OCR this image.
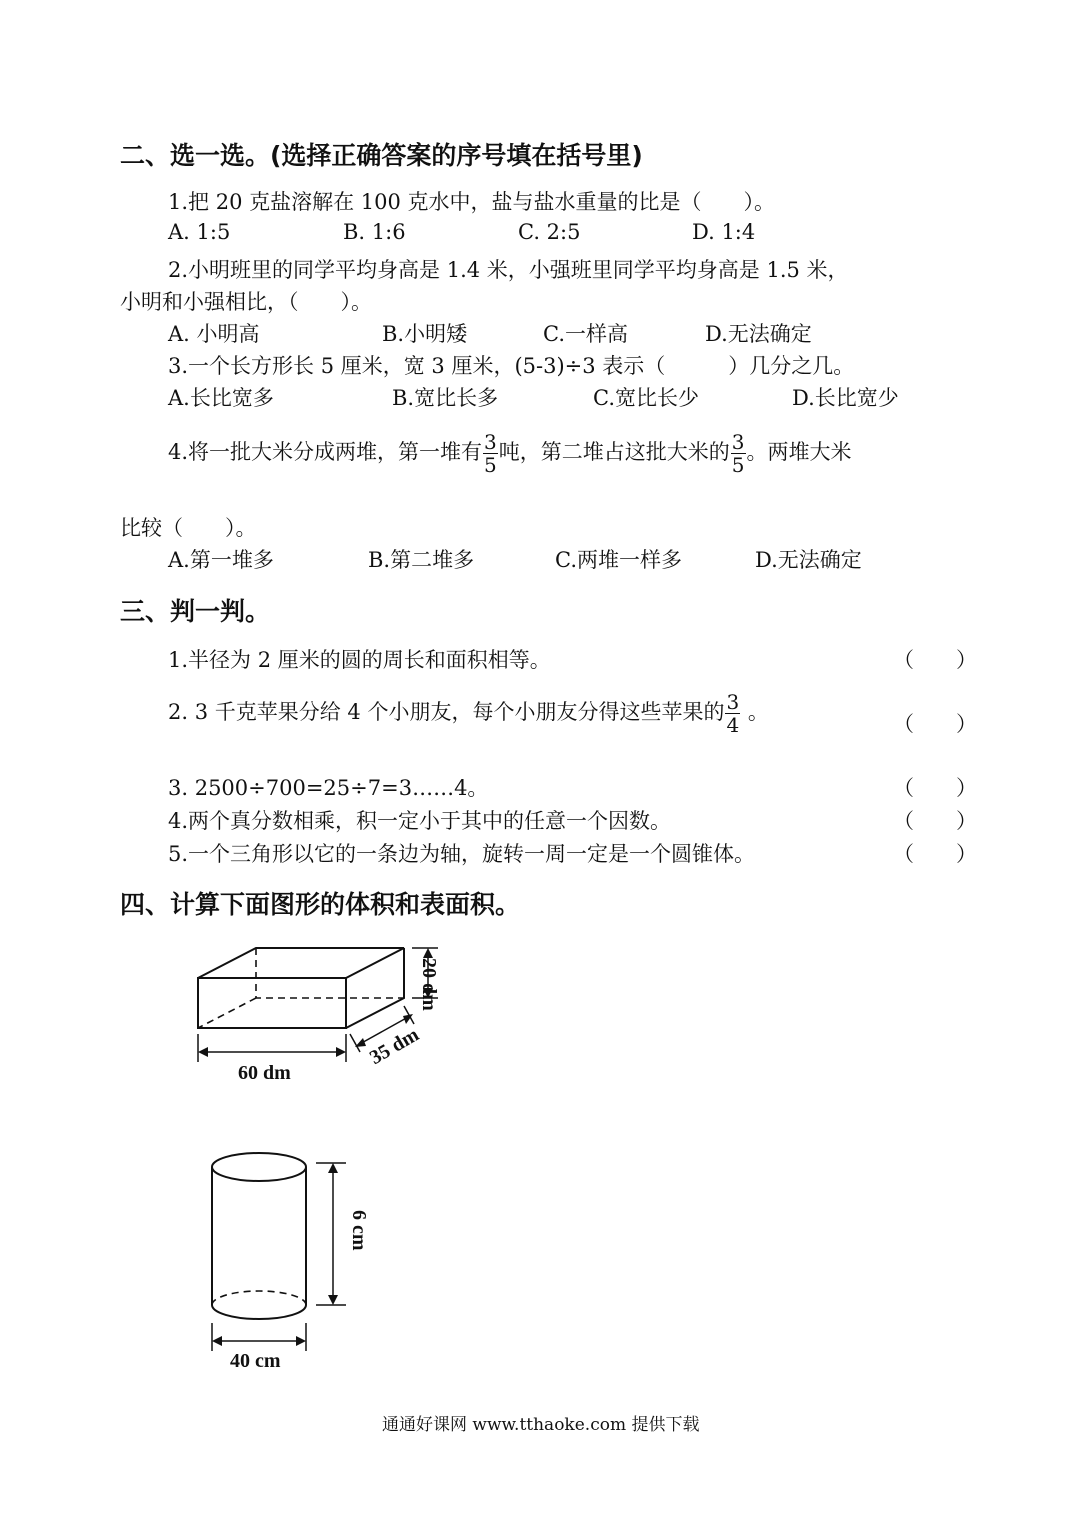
二、选一选。(选择正确答案的序号填在括号里)
1.把 20 克盐溶解在 100 克水中，盐与盐水重量的比是（　　）。
A. 1:5	B. 1:6	C. 2:5	D. 1:4
2.小明班里的同学平均身高是 1.4 米，小强班里同学平均身高是 1.5 米，
小明和小强相比，（　　）。
A. 小明高	B.小明矮	C.一样高	D.无法确定
3.一个长方形长 5 厘米，宽 3 厘米，(5-3)÷3 表示（　　　）几分之几。
A.长比宽多	B.宽比长多	C.宽比长少	D.长比宽少
4.将一批大米分成两堆，第一堆有 $\frac{3}{5}$ 吨，第二堆占这批大米的 $\frac{3}{5}$ 。两堆大米
比较（　　）。
A.第一堆多	B.第二堆多	C.两堆一样多	D.无法确定
三、判一判。
1.半径为 2 厘米的圆的周长和面积相等。	（　　）
2. 3 千克苹果分给 4 个小朋友，每个小朋友分得这些苹果的 $\frac{3}{4}$ 。	（　　）
3. 2500÷700=25÷7=3……4。	（　　）
4.两个真分数相乘，积一定小于其中的任意一个因数。	（　　）
5.一个三角形以它的一条边为轴，旋转一周一定是一个圆锥体。	（　　）
四、计算下面图形的体积和表面积。
20 dm
35 dm
60 dm
6 cm
40 cm
通通好课网 www.tthaoke.com 提供下载
